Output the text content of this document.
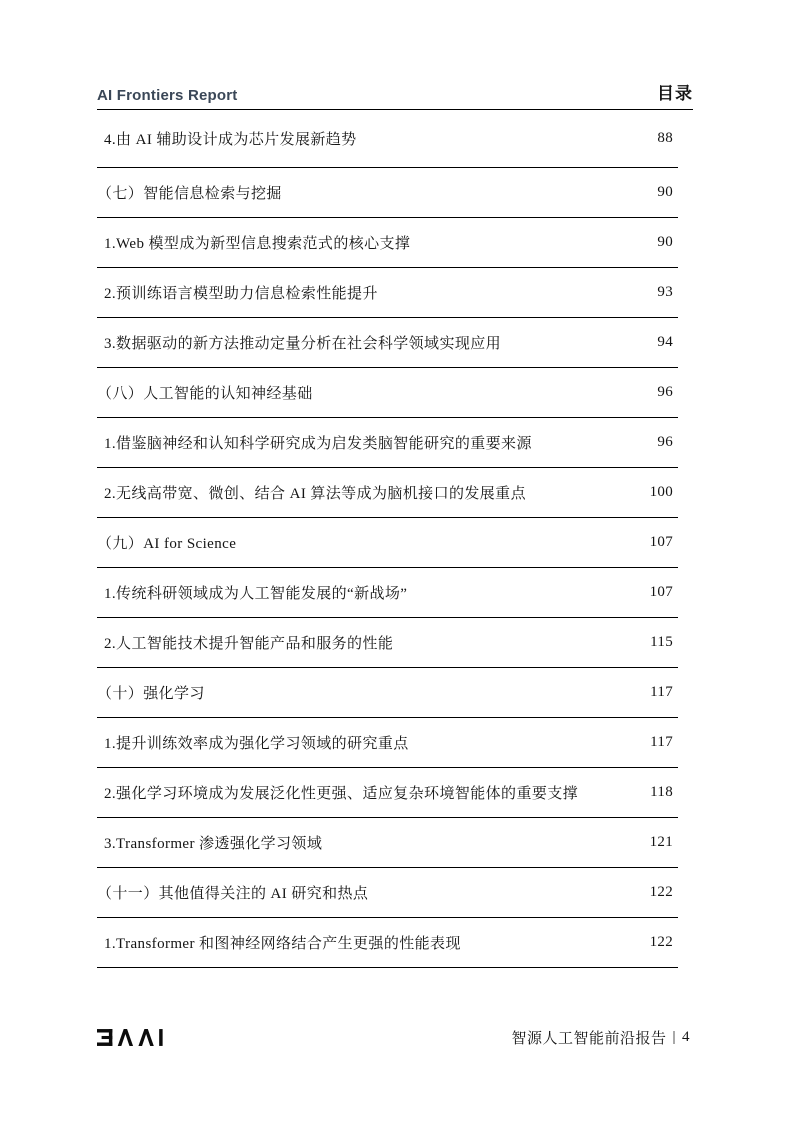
AI Frontiers Report	目录
4.由 AI 辅助设计成为芯片发展新趋势	88
（七）智能信息检索与挖掘	90
1.Web 模型成为新型信息搜索范式的核心支撑	90
2.预训练语言模型助力信息检索性能提升	93
3.数据驱动的新方法推动定量分析在社会科学领域实现应用	94
（八）人工智能的认知神经基础	96
1.借鉴脑神经和认知科学研究成为启发类脑智能研究的重要来源	96
2.无线高带宽、微创、结合 AI 算法等成为脑机接口的发展重点	100
（九）AI for Science	107
1.传统科研领域成为人工智能发展的“新战场”	107
2.人工智能技术提升智能产品和服务的性能	115
（十）强化学习	117
1.提升训练效率成为强化学习领域的研究重点	117
2.强化学习环境成为发展泛化性更强、适应复杂环境智能体的重要支撑	118
3.Transformer 渗透强化学习领域	121
（十一）其他值得关注的 AI 研究和热点	122
1.Transformer 和图神经网络结合产生更强的性能表现	122
智源人工智能前沿报告 | 4
